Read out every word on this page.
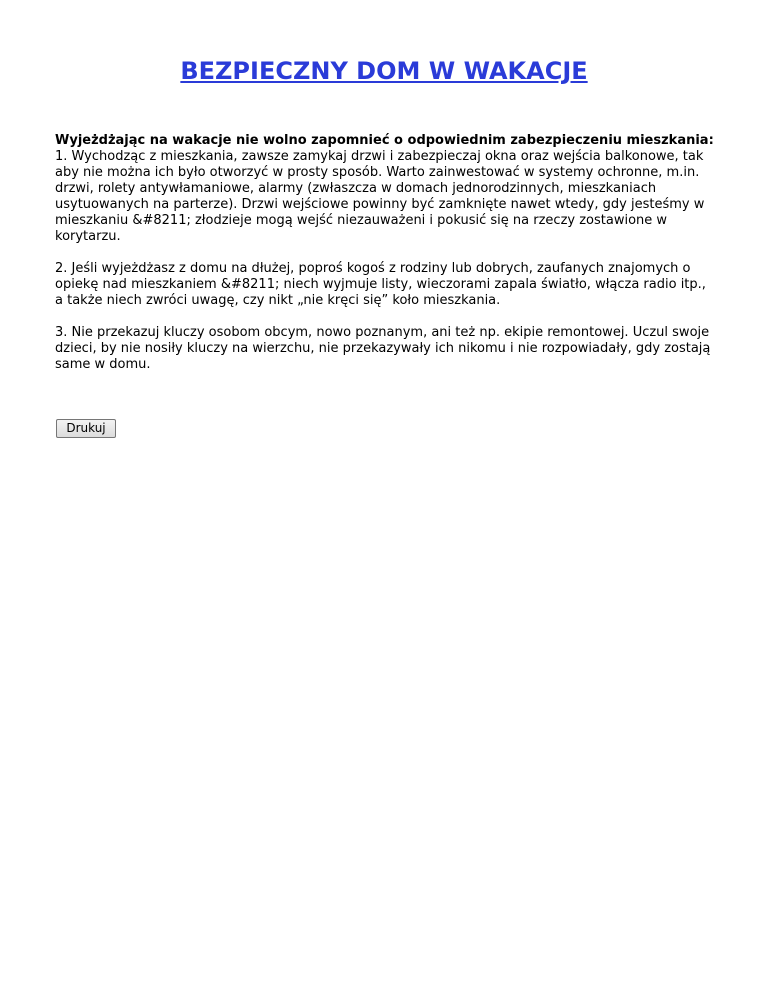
BEZPIECZNY DOM W WAKACJE

Wyjeżdżając na wakacje nie wolno zapomnieć o odpowiednim zabezpieczeniu mieszkania:
1. Wychodząc z mieszkania, zawsze zamykaj drzwi i zabezpieczaj okna oraz wejścia balkonowe, tak aby nie można ich było otworzyć w prosty sposób. Warto zainwestować w systemy ochronne, m.in. drzwi, rolety antywłamaniowe, alarmy (zwłaszcza w domach jednorodzinnych, mieszkaniach usytuowanych na parterze). Drzwi wejściowe powinny być zamknięte nawet wtedy, gdy jesteśmy w mieszkaniu &#8211; złodzieje mogą wejść niezauważeni i pokusić się na rzeczy zostawione w korytarzu.

2. Jeśli wyjeżdżasz z domu na dłużej, poproś kogoś z rodziny lub dobrych, zaufanych znajomych o opiekę nad mieszkaniem &#8211; niech wyjmuje listy, wieczorami zapala światło, włącza radio itp., a także niech zwróci uwagę, czy nikt „nie kręci się” koło mieszkania.

3. Nie przekazuj kluczy osobom obcym, nowo poznanym, ani też np. ekipie remontowej. Uczul swoje dzieci, by nie nosiły kluczy na wierzchu, nie przekazywały ich nikomu i nie rozpowiadały, gdy zostają same w domu.

Drukuj
